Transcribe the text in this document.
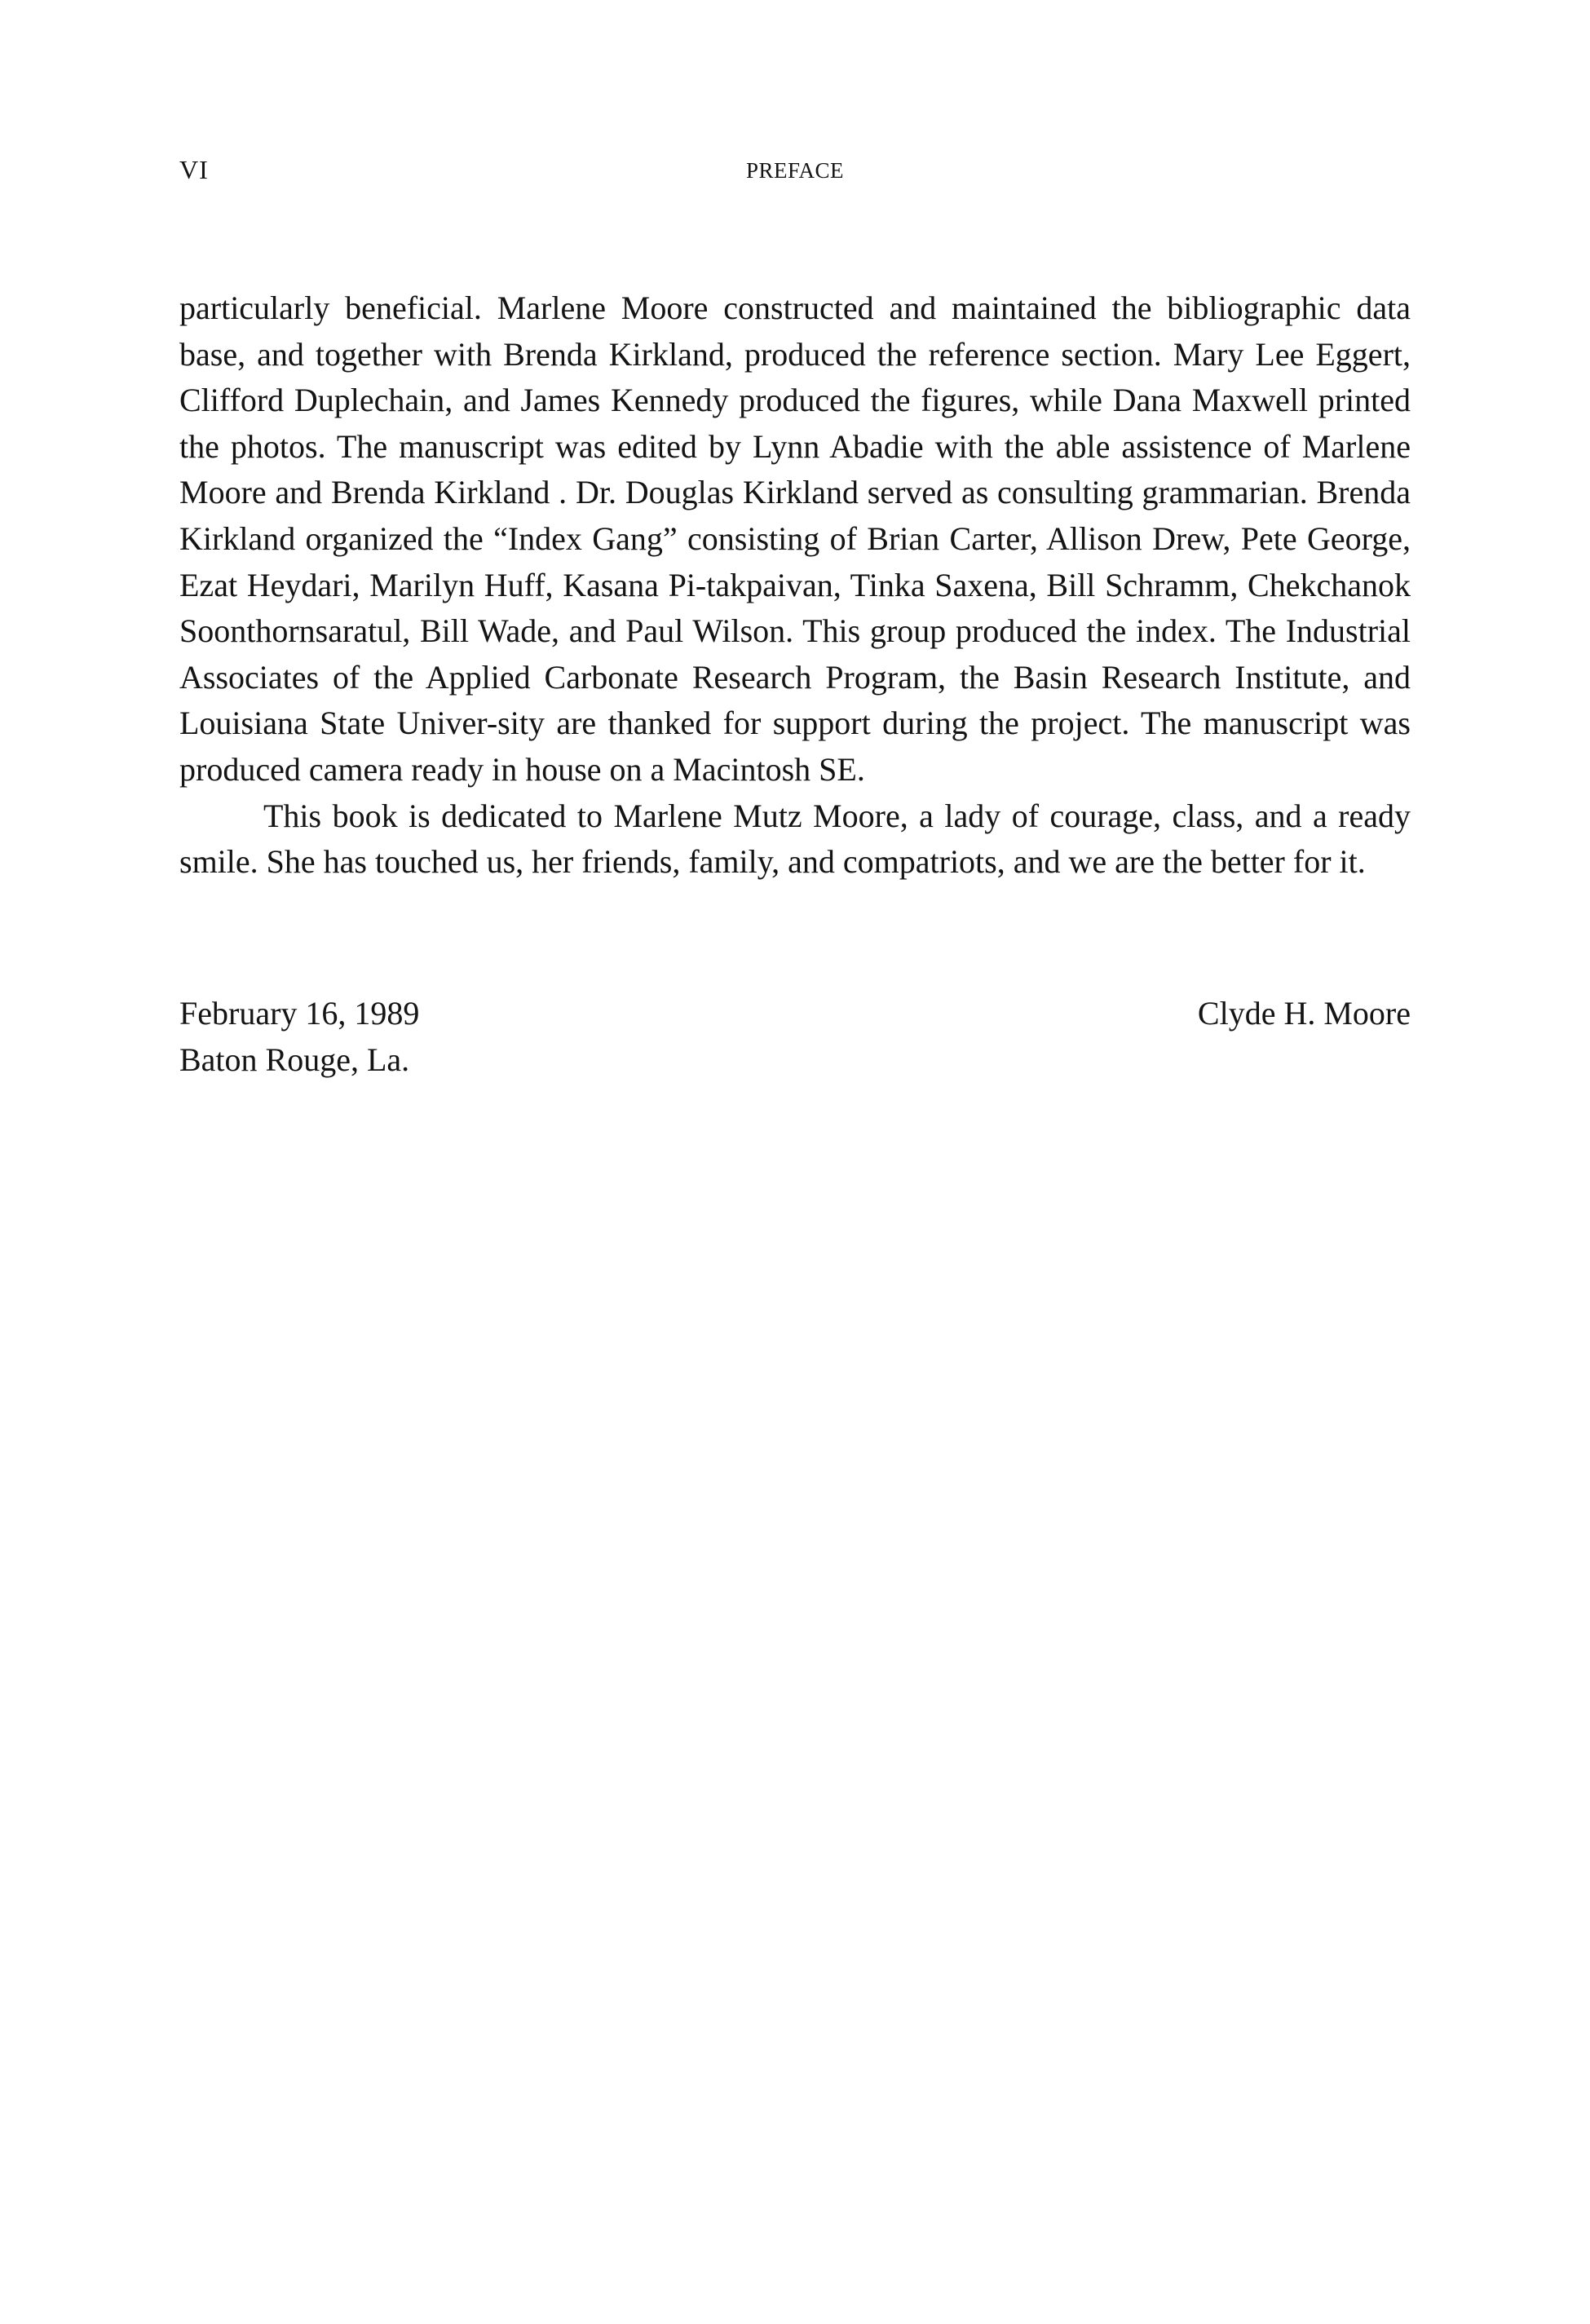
VI	PREFACE

particularly beneficial. Marlene Moore constructed and maintained the bibliographic data base, and together with Brenda Kirkland, produced the reference section. Mary Lee Eggert, Clifford Duplechain, and James Kennedy produced the figures, while Dana Maxwell printed the photos. The manuscript was edited by Lynn Abadie with the able assistence of Marlene Moore and Brenda Kirkland . Dr. Douglas Kirkland served as consulting grammarian. Brenda Kirkland organized the “Index Gang” consisting of Brian Carter, Allison Drew, Pete George, Ezat Heydari, Marilyn Huff, Kasana Pi-takpaivan, Tinka Saxena, Bill Schramm, Chekchanok Soonthornsaratul, Bill Wade, and Paul Wilson. This group produced the index. The Industrial Associates of the Applied Carbonate Research Program, the Basin Research Institute, and Louisiana State Univer-sity are thanked for support during the project. The manuscript was produced camera ready in house on a Macintosh SE.

This book is dedicated to Marlene Mutz Moore, a lady of courage, class, and a ready smile. She has touched us, her friends, family, and compatriots, and we are the better for it.

February 16, 1989
Baton Rouge, La.
Clyde H. Moore
